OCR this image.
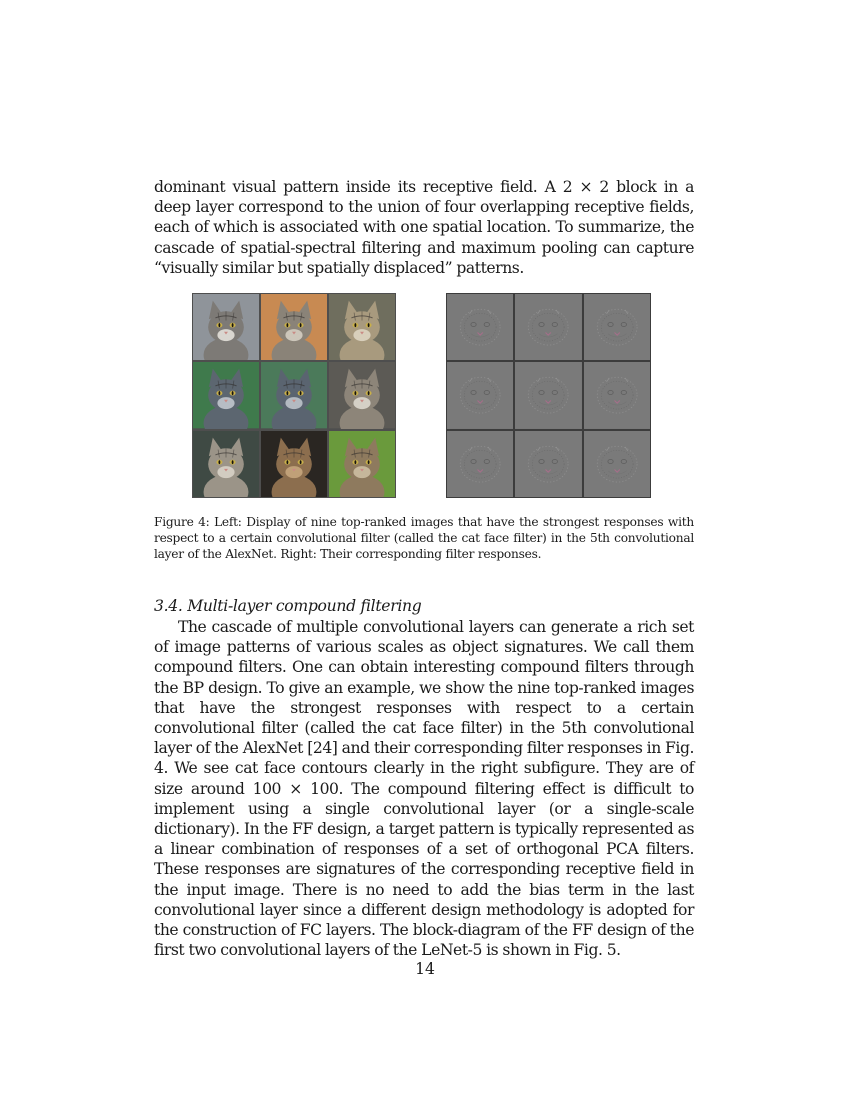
dominant visual pattern inside its receptive field. A 2 × 2 block in a deep layer correspond to the union of four overlapping receptive fields, each of which is associated with one spatial location. To summarize, the cascade of spatial-spectral filtering and maximum pooling can capture “visually similar but spatially displaced” patterns.

Figure 4: Left: Display of nine top-ranked images that have the strongest responses with respect to a certain convolutional filter (called the cat face filter) in the 5th convolutional layer of the AlexNet. Right: Their corresponding filter responses.

3.4. Multi-layer compound filtering

The cascade of multiple convolutional layers can generate a rich set of image patterns of various scales as object signatures. We call them compound filters. One can obtain interesting compound filters through the BP design. To give an example, we show the nine top-ranked images that have the strongest responses with respect to a certain convolutional filter (called the cat face filter) in the 5th convolutional layer of the AlexNet [24] and their corresponding filter responses in Fig. 4. We see cat face contours clearly in the right subfigure. They are of size around 100 × 100. The compound filtering effect is difficult to implement using a single convolutional layer (or a single-scale dictionary). In the FF design, a target pattern is typically represented as a linear combination of responses of a set of orthogonal PCA filters. These responses are signatures of the corresponding receptive field in the input image. There is no need to add the bias term in the last convolutional layer since a different design methodology is adopted for the construction of FC layers. The block-diagram of the FF design of the first two convolutional layers of the LeNet-5 is shown in Fig. 5.

14
